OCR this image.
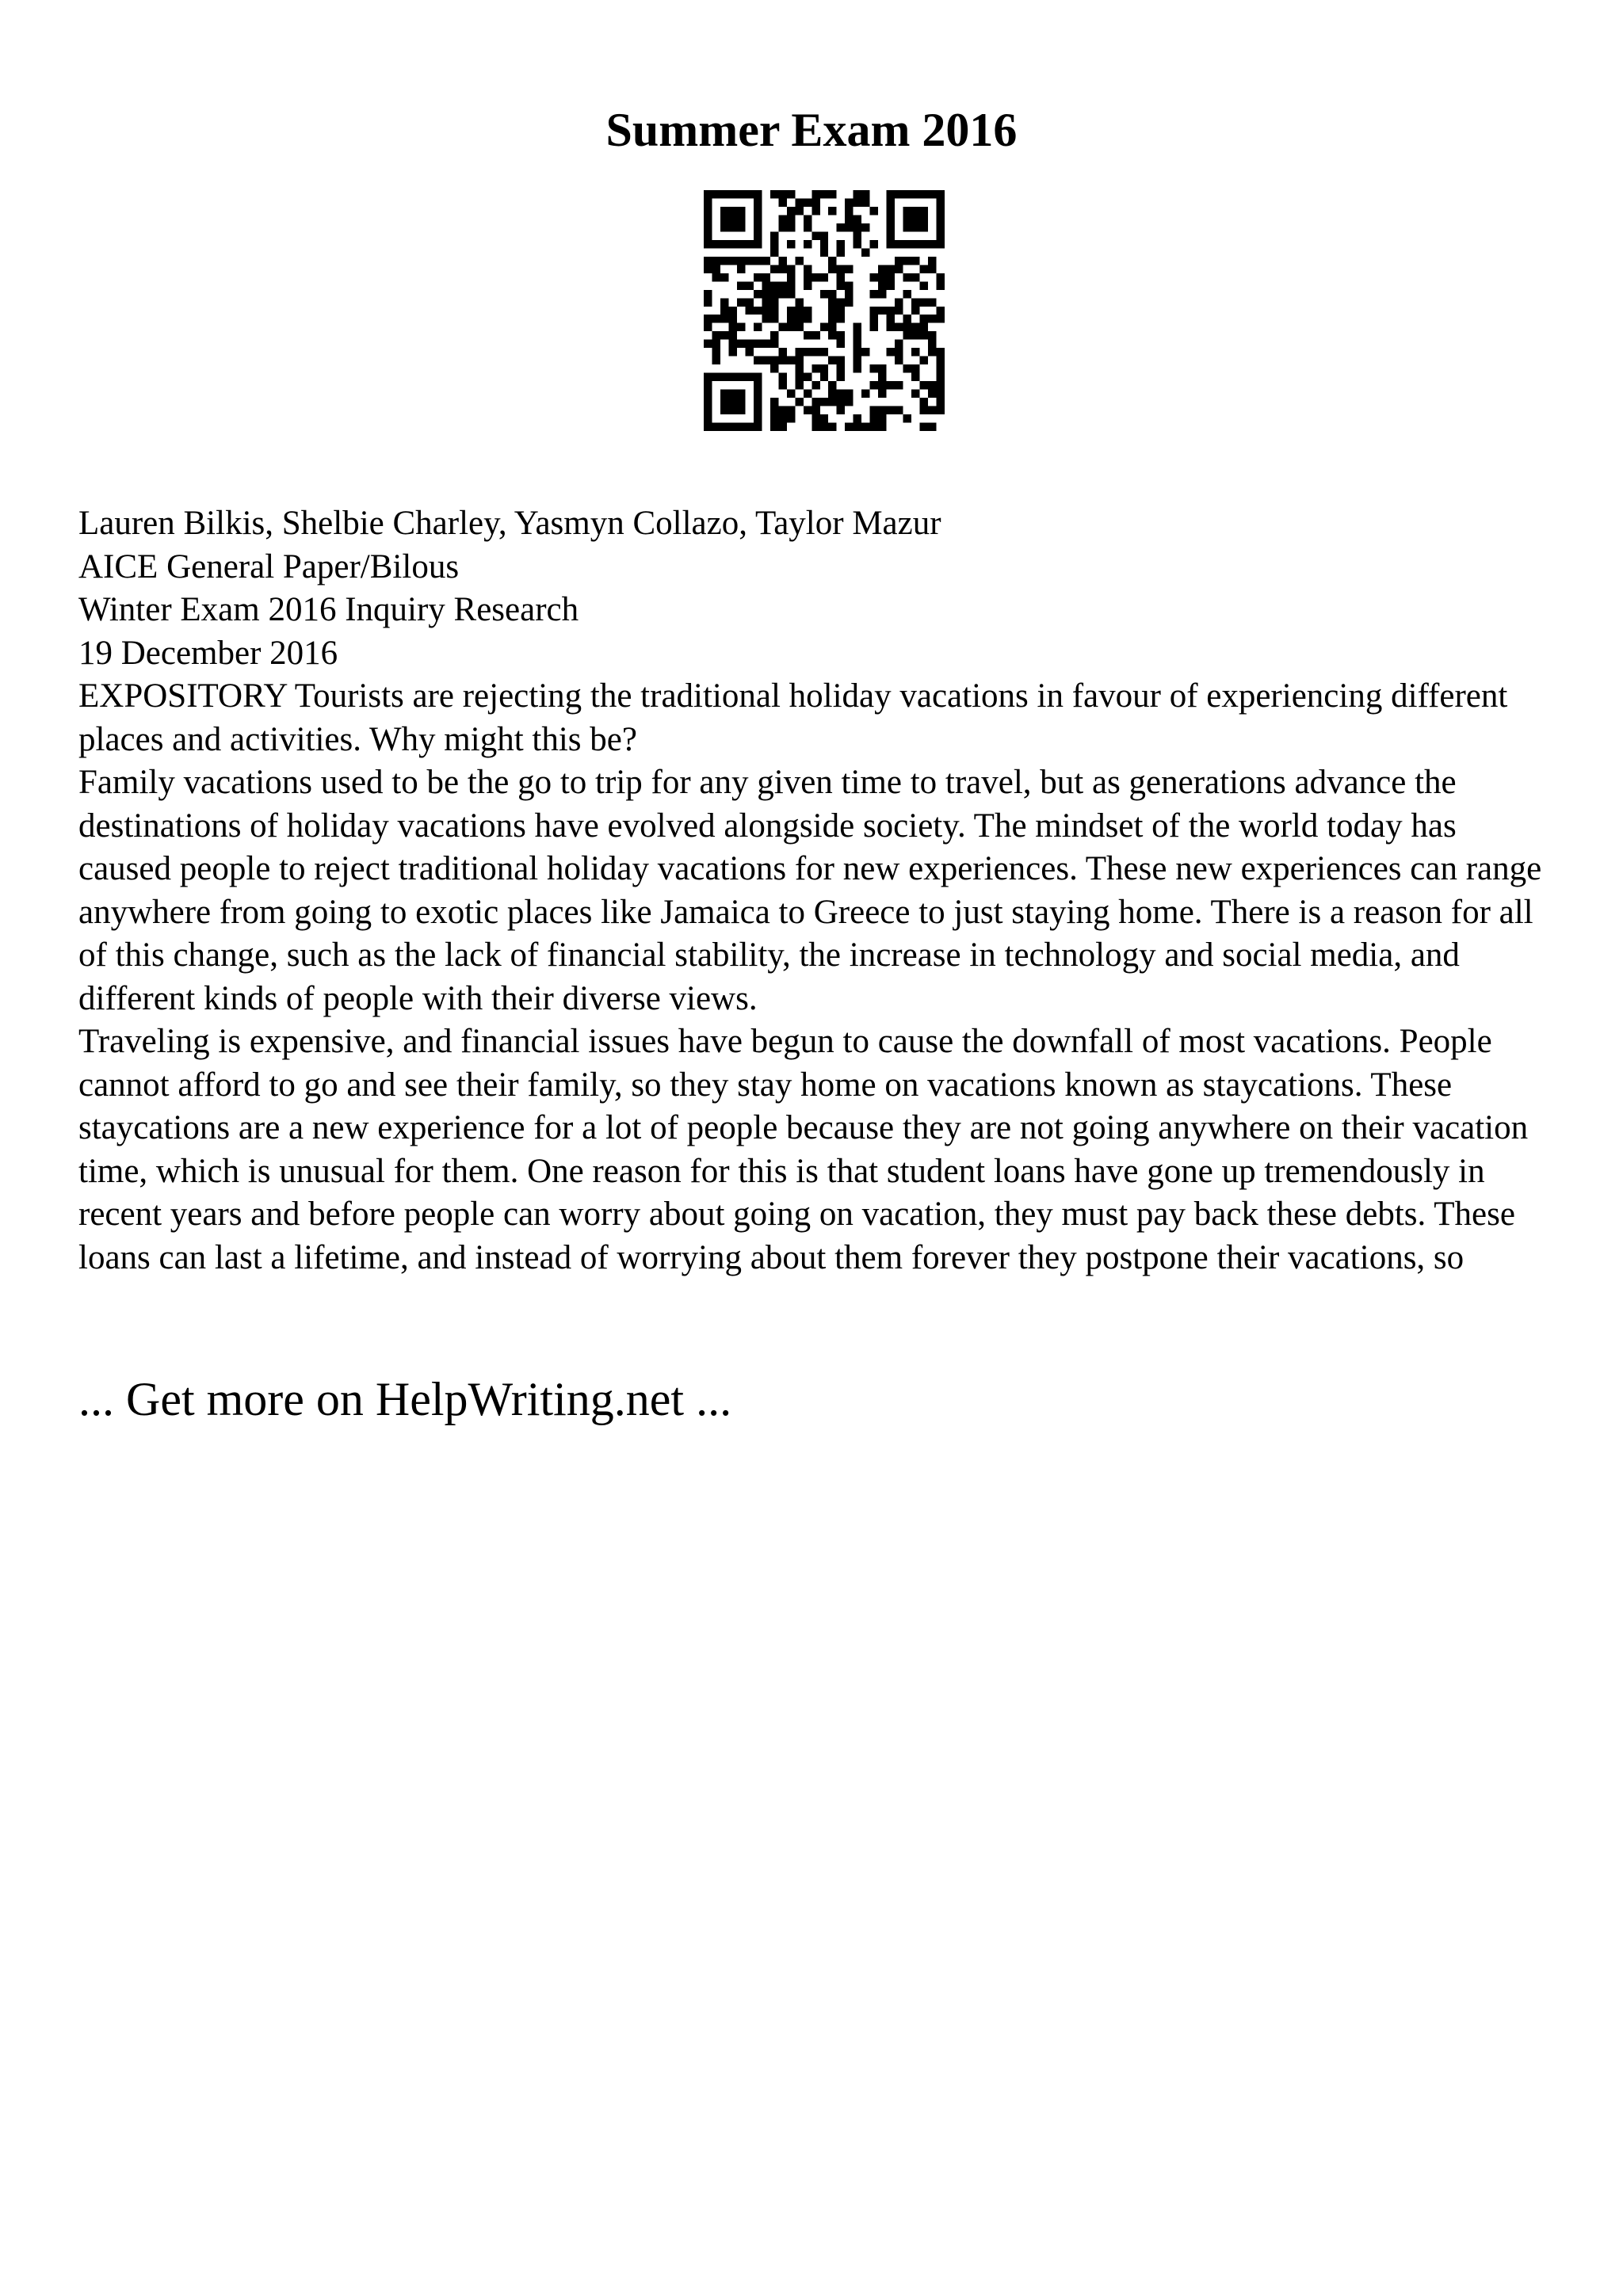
Summer Exam 2016
Lauren Bilkis, Shelbie Charley, Yasmyn Collazo, Taylor Mazur
AICE General Paper/Bilous
Winter Exam 2016 Inquiry Research
19 December 2016
EXPOSITORY Tourists are rejecting the traditional holiday vacations in favour of experiencing different places and activities. Why might this be?
Family vacations used to be the go to trip for any given time to travel, but as generations advance the destinations of holiday vacations have evolved alongside society. The mindset of the world today has caused people to reject traditional holiday vacations for new experiences. These new experiences can range anywhere from going to exotic places like Jamaica to Greece to just staying home. There is a reason for all of this change, such as the lack of financial stability, the increase in technology and social media, and different kinds of people with their diverse views.
Traveling is expensive, and financial issues have begun to cause the downfall of most vacations. People cannot afford to go and see their family, so they stay home on vacations known as staycations. These staycations are a new experience for a lot of people because they are not going anywhere on their vacation time, which is unusual for them. One reason for this is that student loans have gone up tremendously in recent years and before people can worry about going on vacation, they must pay back these debts. These loans can last a lifetime, and instead of worrying about them forever they postpone their vacations, so
... Get more on HelpWriting.net ...
